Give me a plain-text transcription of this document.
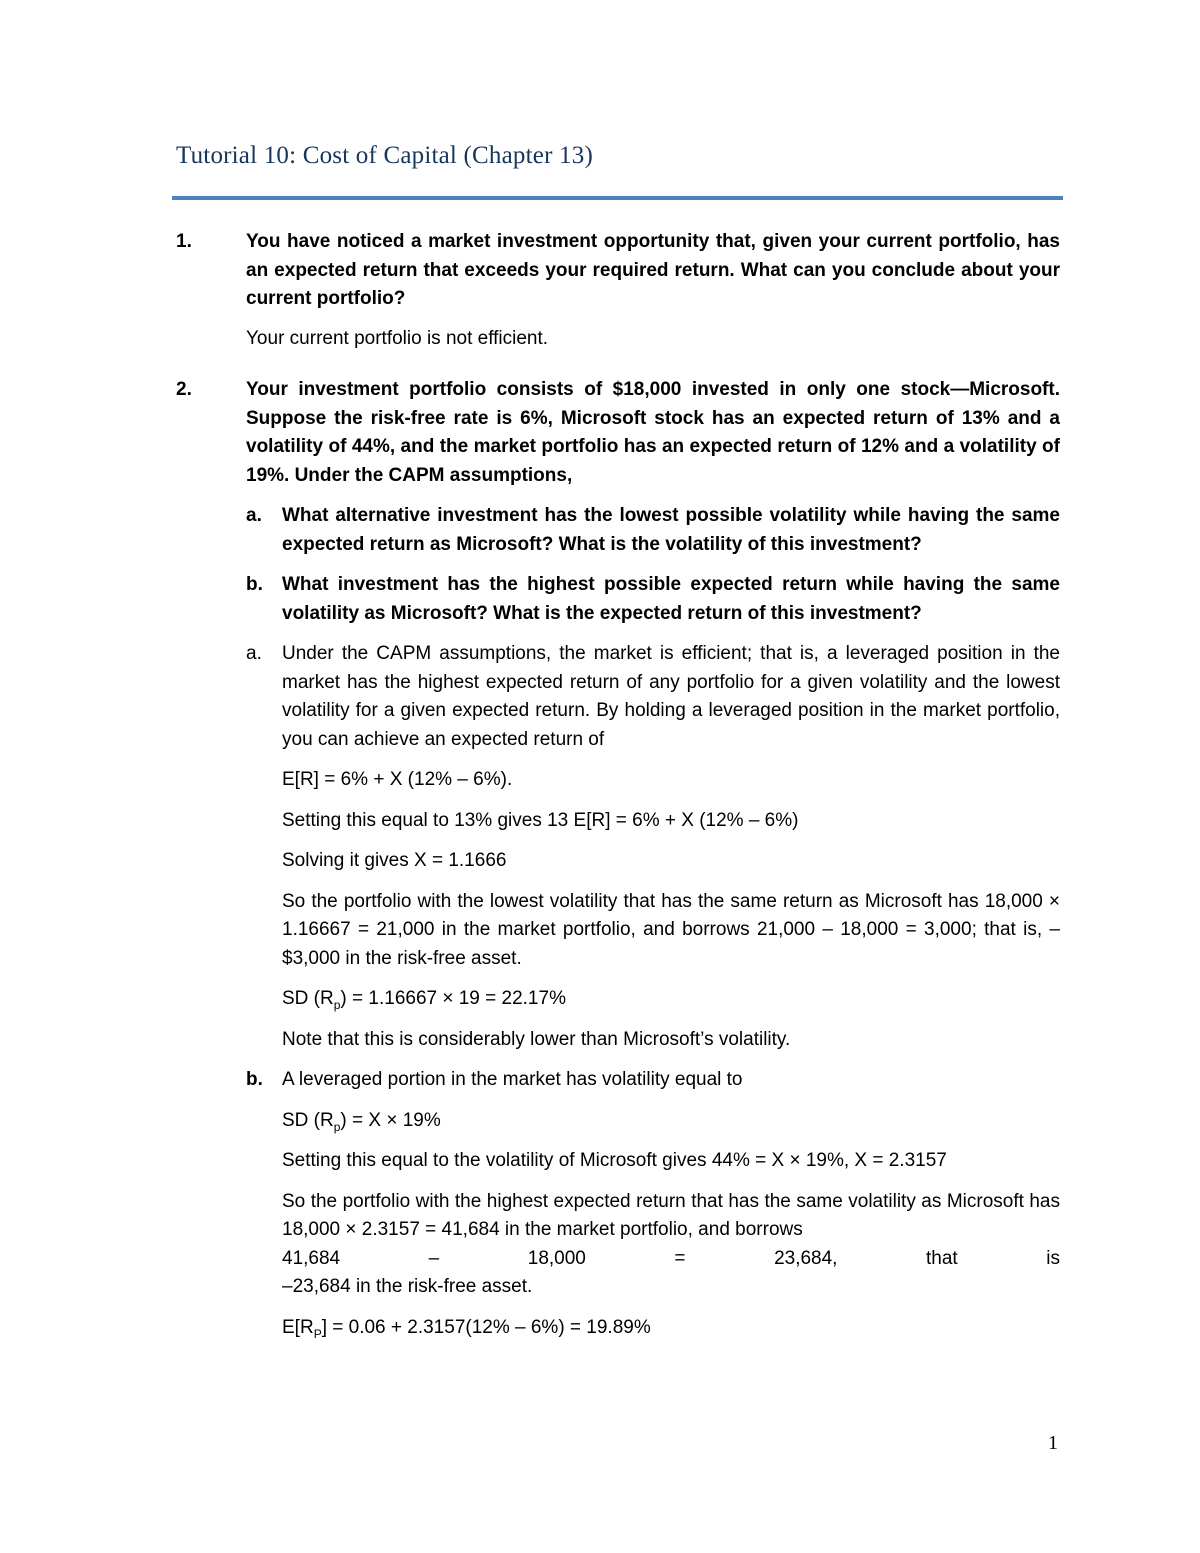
Tutorial 10: Cost of Capital (Chapter 13)
1.	You have noticed a market investment opportunity that, given your current portfolio, has an expected return that exceeds your required return. What can you conclude about your current portfolio?

Your current portfolio is not efficient.

2.	Your investment portfolio consists of $18,000 invested in only one stock—Microsoft. Suppose the risk-free rate is 6%, Microsoft stock has an expected return of 13% and a volatility of 44%, and the market portfolio has an expected return of 12% and a volatility of 19%. Under the CAPM assumptions,

a. What alternative investment has the lowest possible volatility while having the same expected return as Microsoft? What is the volatility of this investment?

b. What investment has the highest possible expected return while having the same volatility as Microsoft? What is the expected return of this investment?

a. Under the CAPM assumptions, the market is efficient; that is, a leveraged position in the market has the highest expected return of any portfolio for a given volatility and the lowest volatility for a given expected return. By holding a leveraged position in the market portfolio, you can achieve an expected return of

E[R] = 6% + X (12% – 6%).

Setting this equal to 13% gives 13 E[R] = 6% + X (12% – 6%)

Solving it gives X = 1.1666

So the portfolio with the lowest volatility that has the same return as Microsoft has 18,000 × 1.16667 = 21,000 in the market portfolio, and borrows 21,000 – 18,000 = 3,000; that is, –$3,000 in the risk-free asset.

SD $(R_p) = 1.16667 \times 19 = 22.17\%$

Note that this is considerably lower than Microsoft’s volatility.

b. A leveraged portion in the market has volatility equal to

SD $(R_p) = X \times 19\%$

Setting this equal to the volatility of Microsoft gives 44% = X × 19%, X = 2.3157

So the portfolio with the highest expected return that has the same volatility as Microsoft has 18,000 × 2.3157 = 41,684 in the market portfolio, and borrows

41,684	–	18,000	=	23,684,	that	is

–23,684 in the risk-free asset.

$E[R_P] = 0.06 + 2.3157(12\% - 6\%) = 19.89\%$

1
